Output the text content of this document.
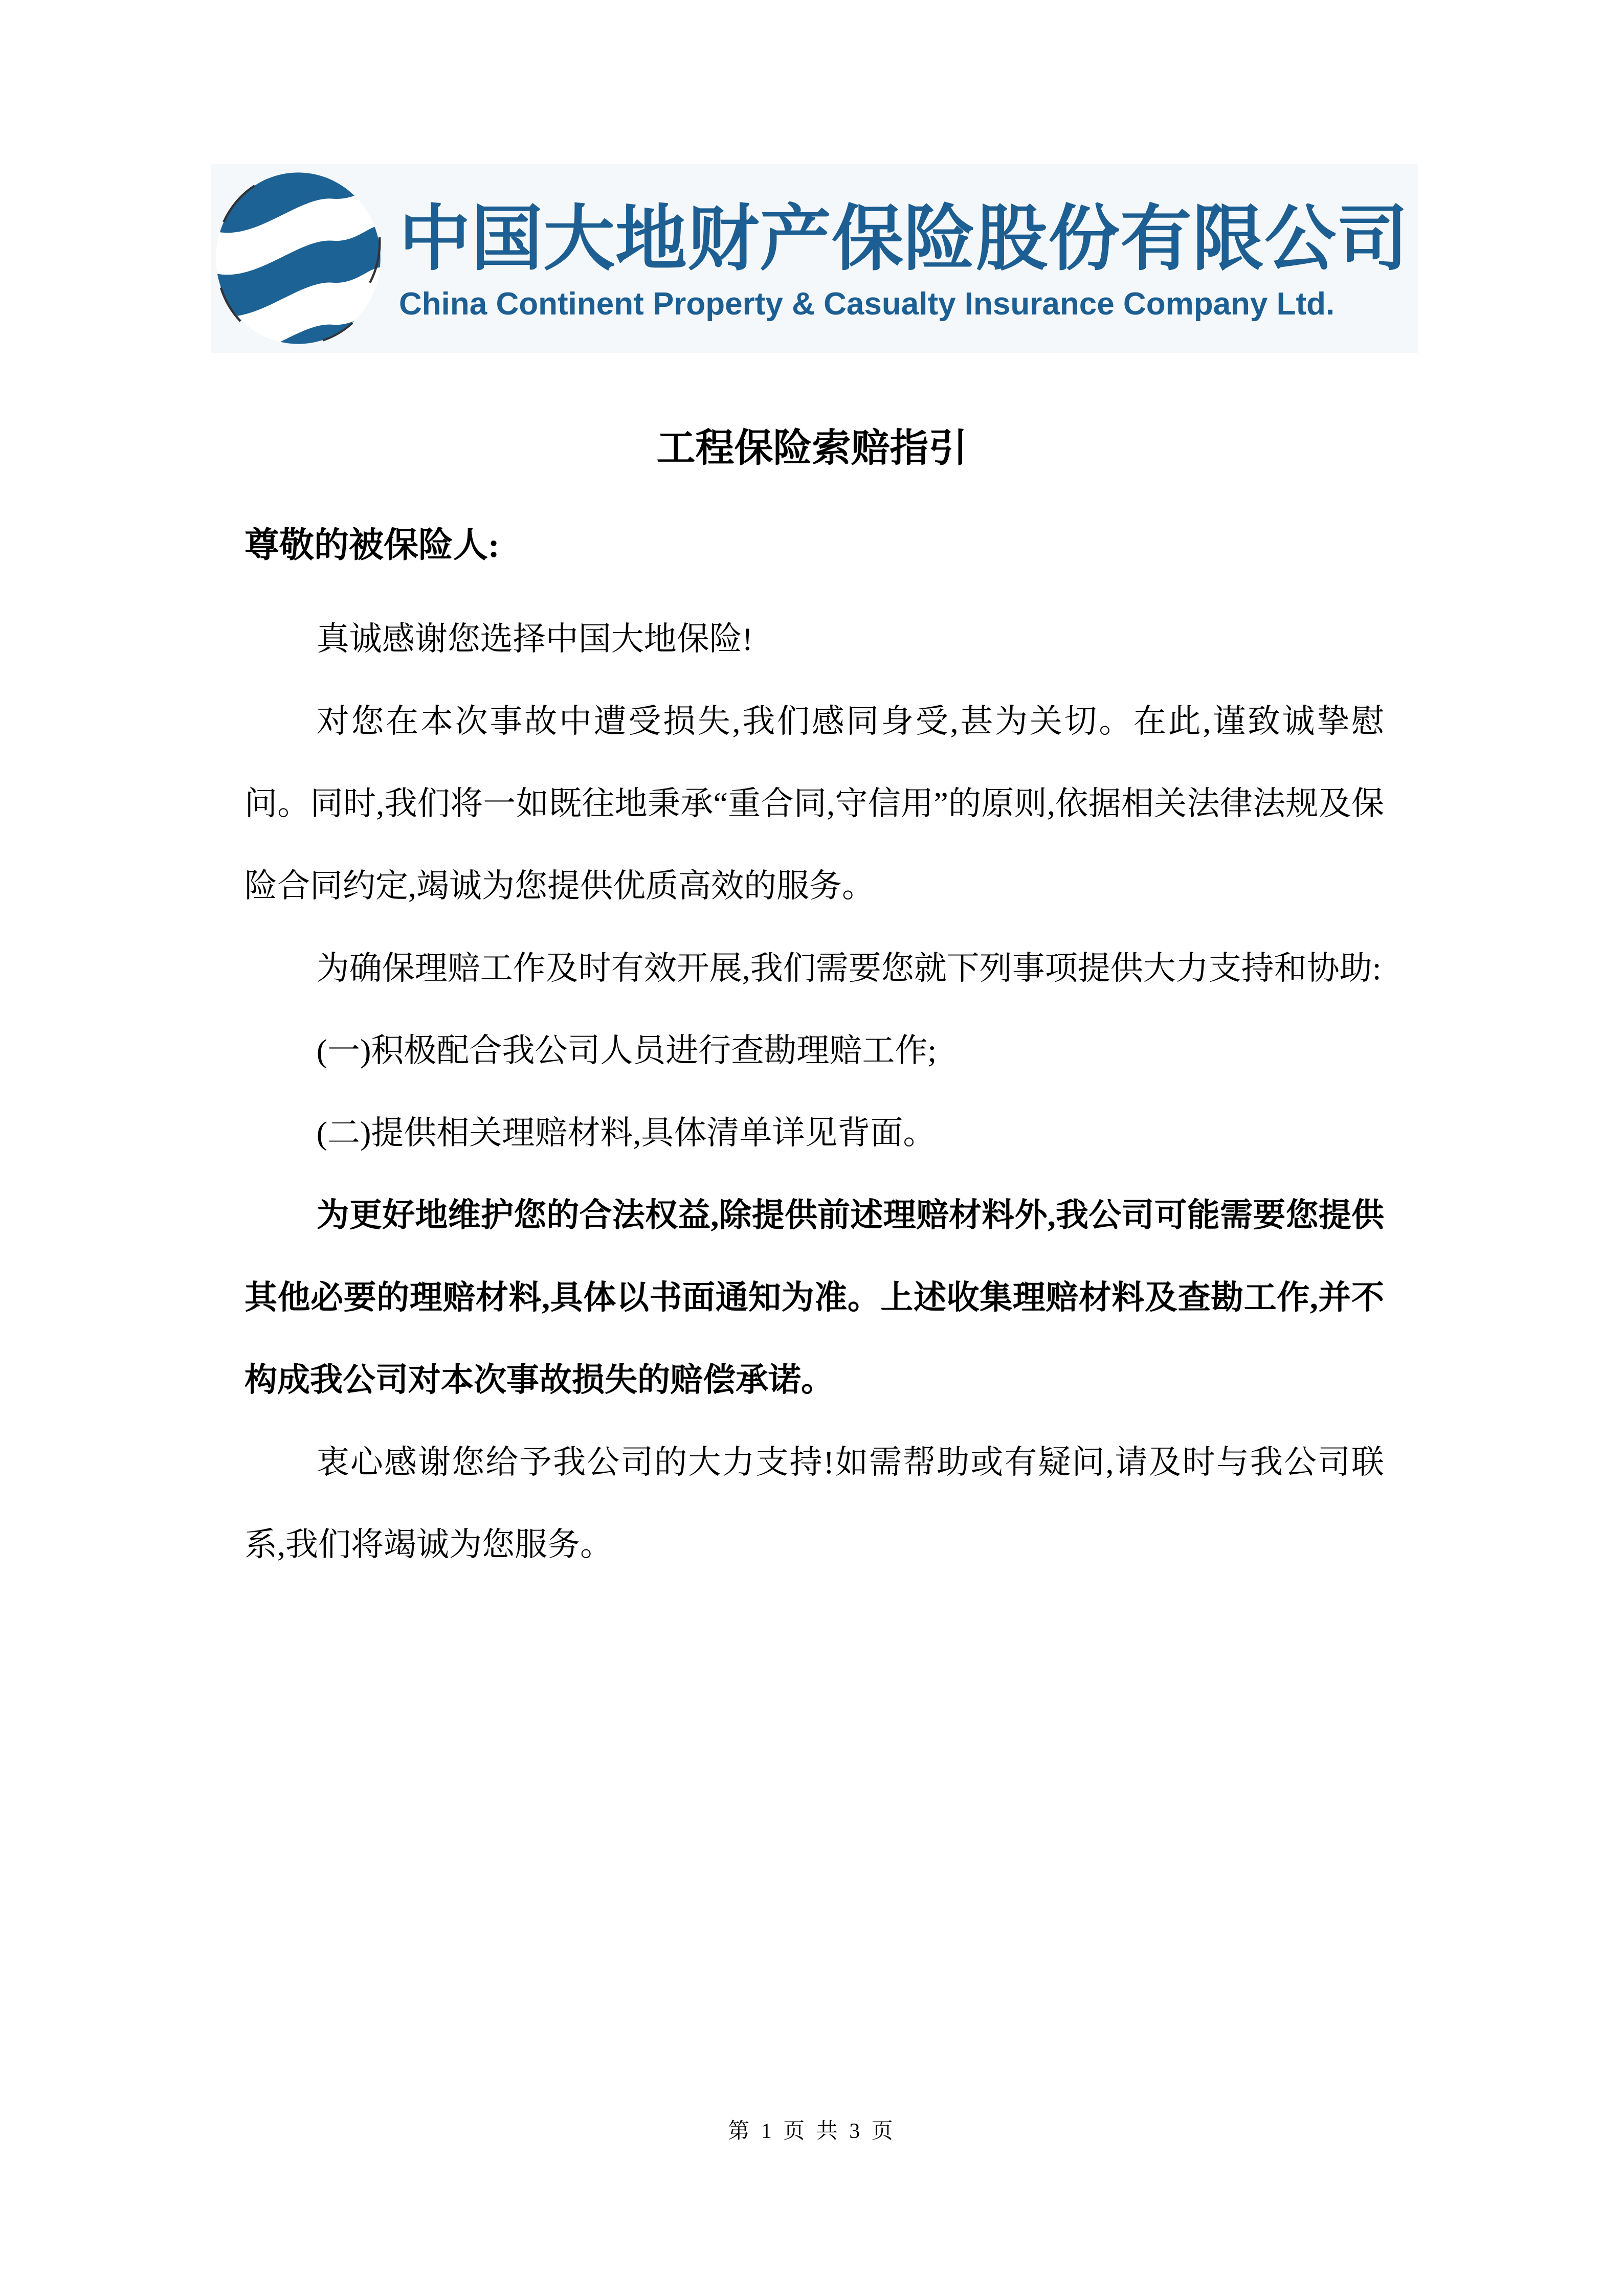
中国大地财产保险股份有限公司
China Continent Property & Casualty Insurance Company Ltd.
工程保险索赔指引

尊敬的被保险人:

真诚感谢您选择中国大地保险!

对您在本次事故中遭受损失,我们感同身受,甚为关切。在此,谨致诚挚慰问。同时,我们将一如既往地秉承“重合同,守信用”的原则,依据相关法律法规及保险合同约定,竭诚为您提供优质高效的服务。

为确保理赔工作及时有效开展,我们需要您就下列事项提供大力支持和协助:

(一)积极配合我公司人员进行查勘理赔工作;

(二)提供相关理赔材料,具体清单详见背面。

为更好地维护您的合法权益,除提供前述理赔材料外,我公司可能需要您提供其他必要的理赔材料,具体以书面通知为准。上述收集理赔材料及查勘工作,并不构成我公司对本次事故损失的赔偿承诺。

衷心感谢您给予我公司的大力支持!如需帮助或有疑问,请及时与我公司联系,我们将竭诚为您服务。

第 1 页 共 3 页
